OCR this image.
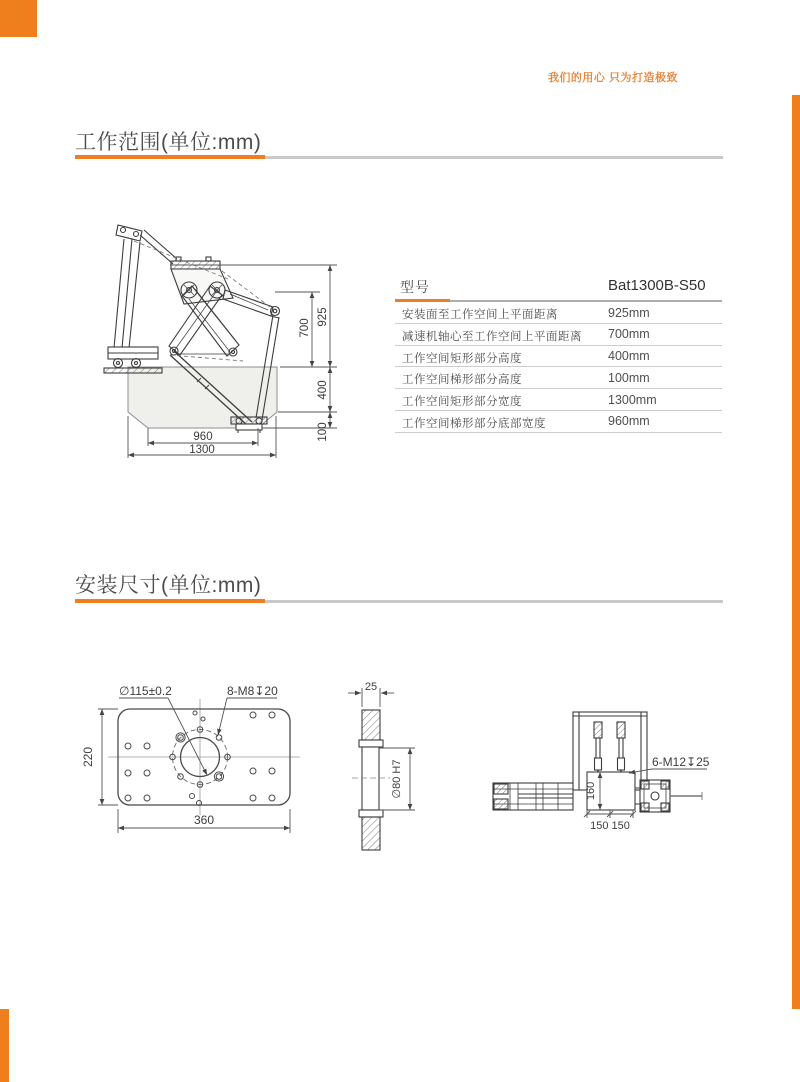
我们的用心 只为打造极致
工作范围(单位:mm)
925
700
400
100
960
1300
型号	Bat1300B-S50
安装面至工作空间上平面距离	925mm
减速机轴心至工作空间上平面距离 700mm
工作空间矩形部分高度	400mm
工作空间梯形部分高度	100mm
工作空间矩形部分宽度	1300mm
工作空间梯形部分底部宽度	960mm
安装尺寸(单位:mm)
220
360
∅115±0.2	8-M8↧20	25
∅80 H7	160
150 150
6-M12↧25
